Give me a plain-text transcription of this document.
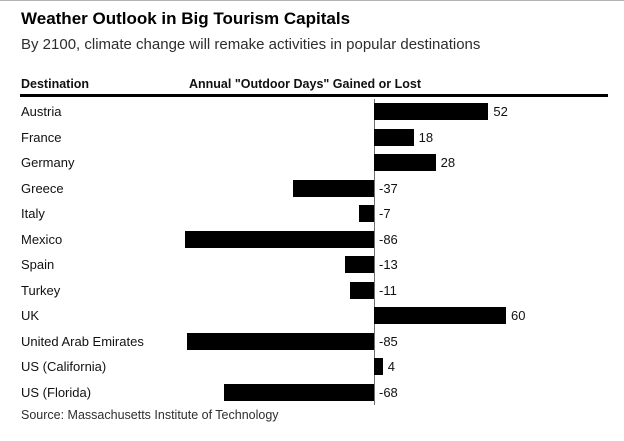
Weather Outlook in Big Tourism Capitals

By 2100, climate change will remake activities in popular destinations

Destination	Annual "Outdoor Days" Gained or Lost

Austria	52
France	18
Germany	28
Greece	-37
Italy	-7
Mexico	-86
Spain	-13
Turkey	-11
UK	60
United Arab Emirates	-85
US (California)	4
US (Florida)	-68

Source: Massachusetts Institute of Technology
